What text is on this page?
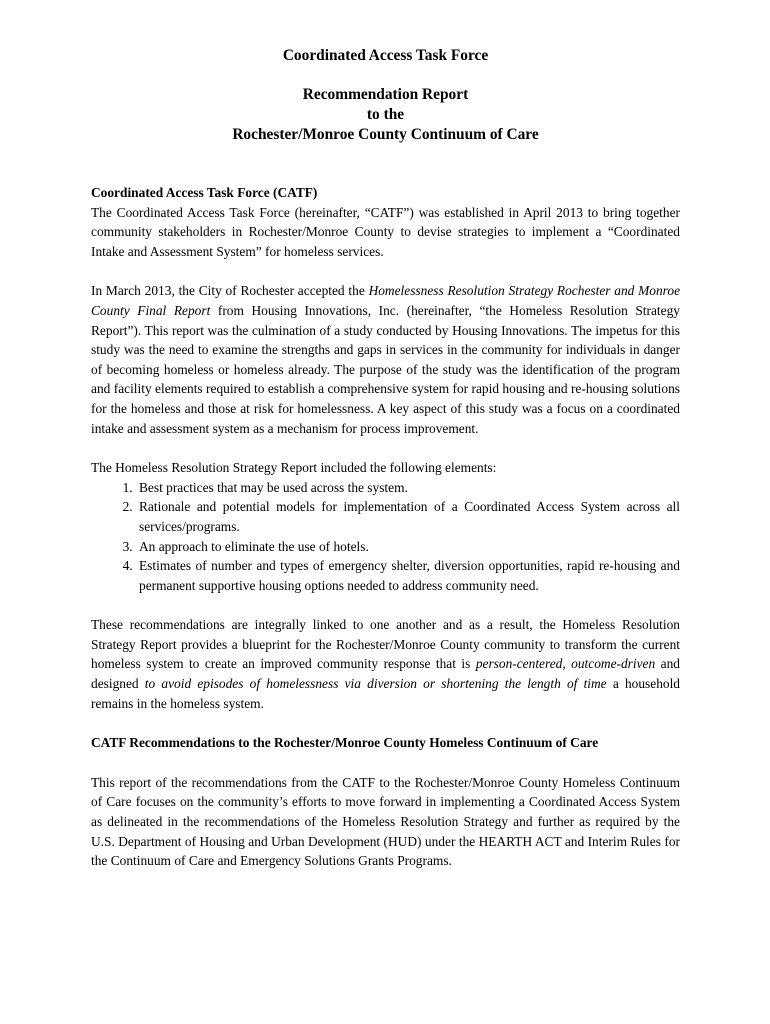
Coordinated Access Task Force
Recommendation Report
to the
Rochester/Monroe County Continuum of Care
Coordinated Access Task Force (CATF)

The Coordinated Access Task Force (hereinafter, “CATF”) was established in April 2013 to bring together community stakeholders in Rochester/Monroe County to devise strategies to implement a “Coordinated Intake and Assessment System” for homeless services.

In March 2013, the City of Rochester accepted the Homelessness Resolution Strategy Rochester and Monroe County Final Report from Housing Innovations, Inc. (hereinafter, “the Homeless Resolution Strategy Report”). This report was the culmination of a study conducted by Housing Innovations. The impetus for this study was the need to examine the strengths and gaps in services in the community for individuals in danger of becoming homeless or homeless already. The purpose of the study was the identification of the program and facility elements required to establish a comprehensive system for rapid housing and re-housing solutions for the homeless and those at risk for homelessness. A key aspect of this study was a focus on a coordinated intake and assessment system as a mechanism for process improvement.

The Homeless Resolution Strategy Report included the following elements:

1. Best practices that may be used across the system.
2. Rationale and potential models for implementation of a Coordinated Access System across all services/programs.
3. An approach to eliminate the use of hotels.
4. Estimates of number and types of emergency shelter, diversion opportunities, rapid re-housing and permanent supportive housing options needed to address community need.

These recommendations are integrally linked to one another and as a result, the Homeless Resolution Strategy Report provides a blueprint for the Rochester/Monroe County community to transform the current homeless system to create an improved community response that is person-centered, outcome-driven and designed to avoid episodes of homelessness via diversion or shortening the length of time a household remains in the homeless system.

CATF Recommendations to the Rochester/Monroe County Homeless Continuum of Care

This report of the recommendations from the CATF to the Rochester/Monroe County Homeless Continuum of Care focuses on the community’s efforts to move forward in implementing a Coordinated Access System as delineated in the recommendations of the Homeless Resolution Strategy and further as required by the U.S. Department of Housing and Urban Development (HUD) under the HEARTH ACT and Interim Rules for the Continuum of Care and Emergency Solutions Grants Programs.
